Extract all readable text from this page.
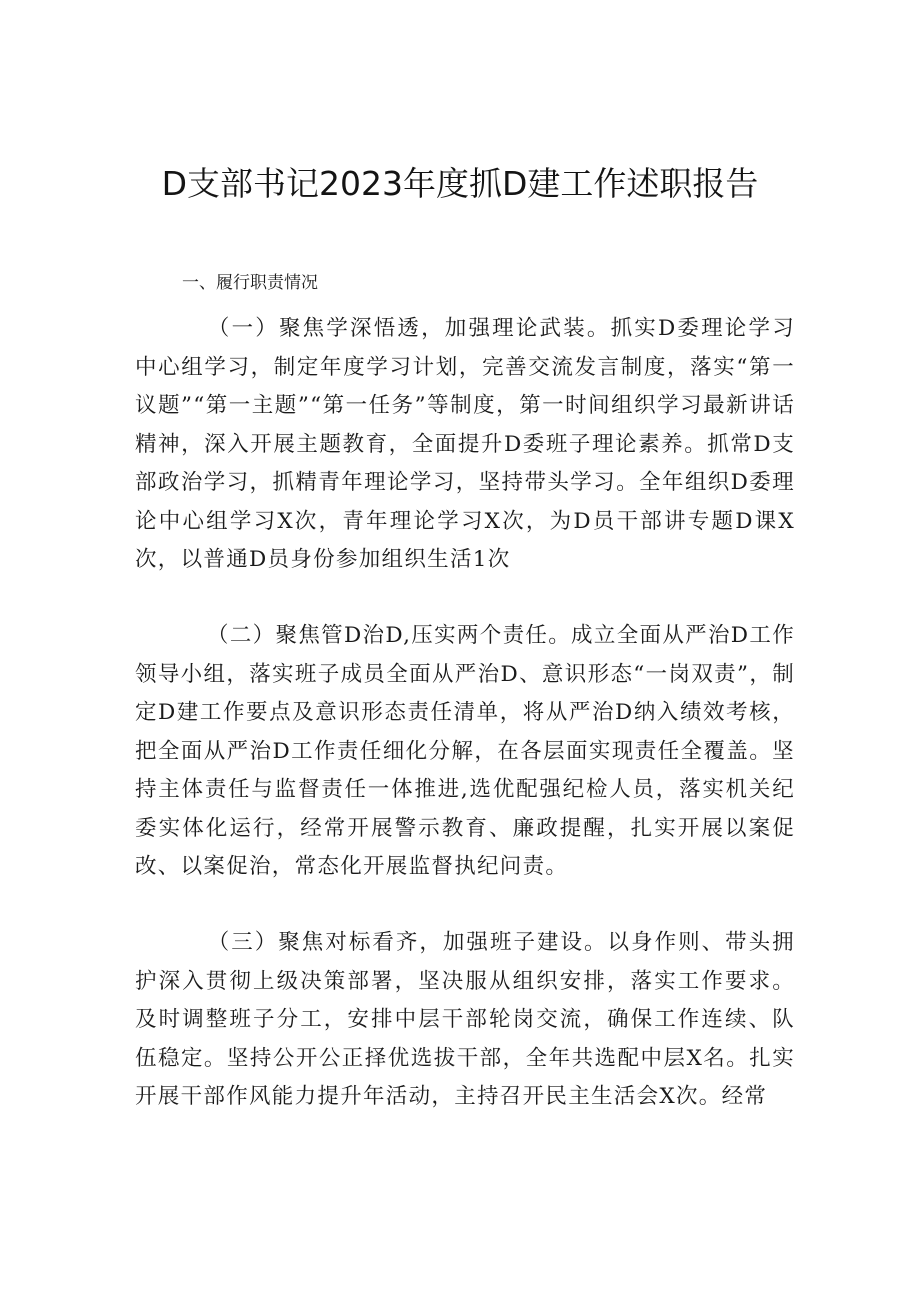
D支部书记2023年度抓D建工作述职报告

一、履行职责情况

（一）聚焦学深悟透，加强理论武装。抓实D委理论学习中心组学习，制定年度学习计划，完善交流发言制度，落实“第一议题”“第一主题”“第一任务”等制度，第一时间组织学习最新讲话精神，深入开展主题教育，全面提升D委班子理论素养。抓常D支部政治学习，抓精青年理论学习，坚持带头学习。全年组织D委理论中心组学习X次，青年理论学习X次，为D员干部讲专题D课X次，以普通D员身份参加组织生活1次

（二）聚焦管D治D,压实两个责任。成立全面从严治D工作领导小组，落实班子成员全面从严治D、意识形态“一岗双责”，制定D建工作要点及意识形态责任清单，将从严治D纳入绩效考核，把全面从严治D工作责任细化分解，在各层面实现责任全覆盖。坚持主体责任与监督责任一体推进,选优配强纪检人员，落实机关纪委实体化运行，经常开展警示教育、廉政提醒，扎实开展以案促改、以案促治，常态化开展监督执纪问责。

（三）聚焦对标看齐，加强班子建设。以身作则、带头拥护深入贯彻上级决策部署，坚决服从组织安排，落实工作要求。及时调整班子分工，安排中层干部轮岗交流，确保工作连续、队伍稳定。坚持公开公正择优选拔干部，全年共选配中层X名。扎实开展干部作风能力提升年活动，主持召开民主生活会X次。经常
